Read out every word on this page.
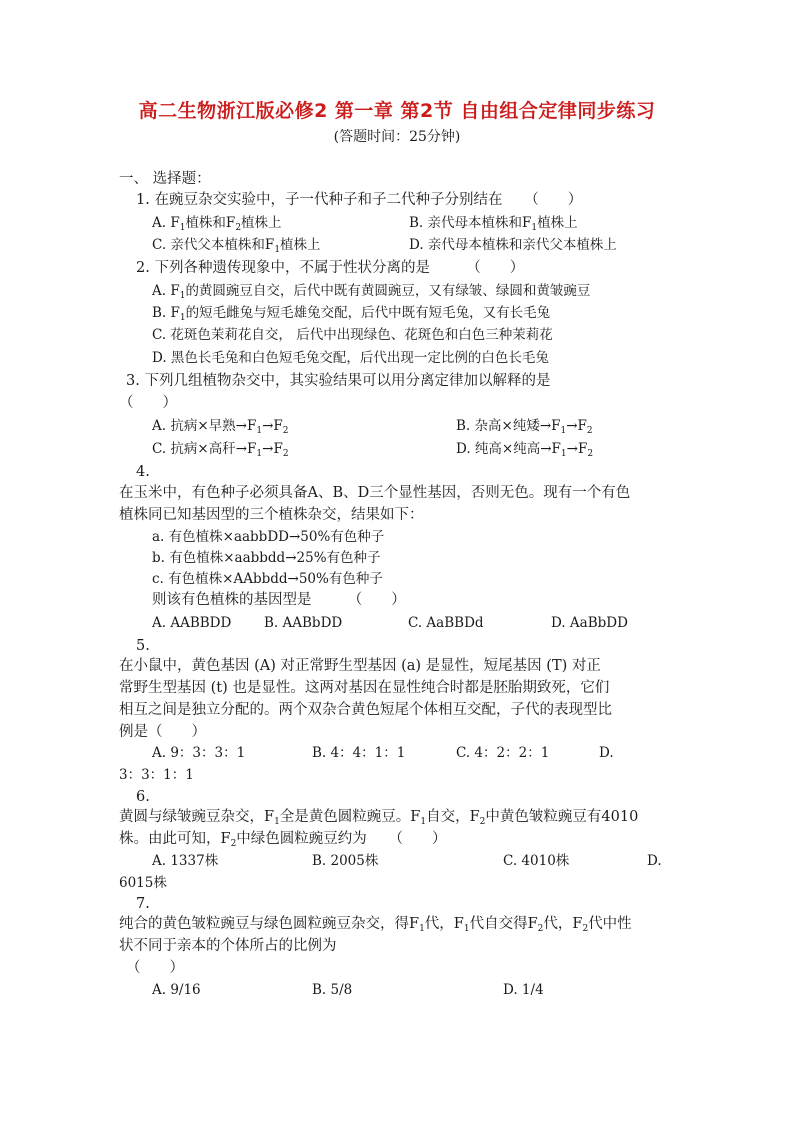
高二生物浙江版必修2 第一章 第2节 自由组合定律同步练习
(答题时间：25分钟)
一、 选择题：
1. 在豌豆杂交实验中，子一代种子和子二代种子分别结在　　（　　）
A. $F_1$植株和$F_2$植株上	B. 亲代母本植株和$F_1$植株上
C. 亲代父本植株和$F_1$植株上	D. 亲代母本植株和亲代父本植株上
2. 下列各种遗传现象中，不属于性状分离的是　　　（　　）
A. $F_1$的黄圆豌豆自交，后代中既有黄圆豌豆，又有绿皱、绿圆和黄皱豌豆
B. $F_1$的短毛雌兔与短毛雄兔交配，后代中既有短毛兔，又有长毛兔
C. 花斑色茉莉花自交， 后代中出现绿色、花斑色和白色三种茉莉花
D. 黑色长毛兔和白色短毛兔交配，后代出现一定比例的白色长毛兔
3. 下列几组植物杂交中，其实验结果可以用分离定律加以解释的是
（　　）
A. 抗病×早熟$\to F_1\to F_2$	B. 杂高×纯矮$\to F_1\to F_2$
C. 抗病×高秆$\to F_1\to F_2$	D. 纯高×纯高$\to F_1\to F_2$
4.
在玉米中，有色种子必须具备A、B、D三个显性基因，否则无色。现有一个有色
植株同已知基因型的三个植株杂交，结果如下：
a. 有色植株×aabbDD→50%有色种子
b. 有色植株×aabbdd→25%有色种子
c. 有色植株×AAbbdd→50%有色种子
则该有色植株的基因型是　　　（　　）
A. AABBDD B. AABbDD	C. AaBBDd	D. AaBbDD
5.
在小鼠中，黄色基因 (A) 对正常野生型基因 (a) 是显性，短尾基因 (T) 对正
常野生型基因 (t) 也是显性。这两对基因在显性纯合时都是胚胎期致死，它们
相互之间是独立分配的。两个双杂合黄色短尾个体相互交配，子代的表现型比
例是（　　）
A. 9：3：3：1	B. 4：4：1：1	C. 4：2：2：1	D.
3：3：1：1
6.
黄圆与绿皱豌豆杂交，$F_1$全是黄色圆粒豌豆。$F_1$自交，$F_2$中黄色皱粒豌豆有4010
株。由此可知，$F_2$中绿色圆粒豌豆约为　　（　　）
A. 1337株	B. 2005株	C. 4010株	D.
6015株
7.
纯合的黄色皱粒豌豆与绿色圆粒豌豆杂交，得$F_1$代，$F_1$代自交得$F_2$代，$F_2$代中性
状不同于亲本的个体所占的比例为
（　　）
A. 9/16	B. 5/8	D. 1/4
